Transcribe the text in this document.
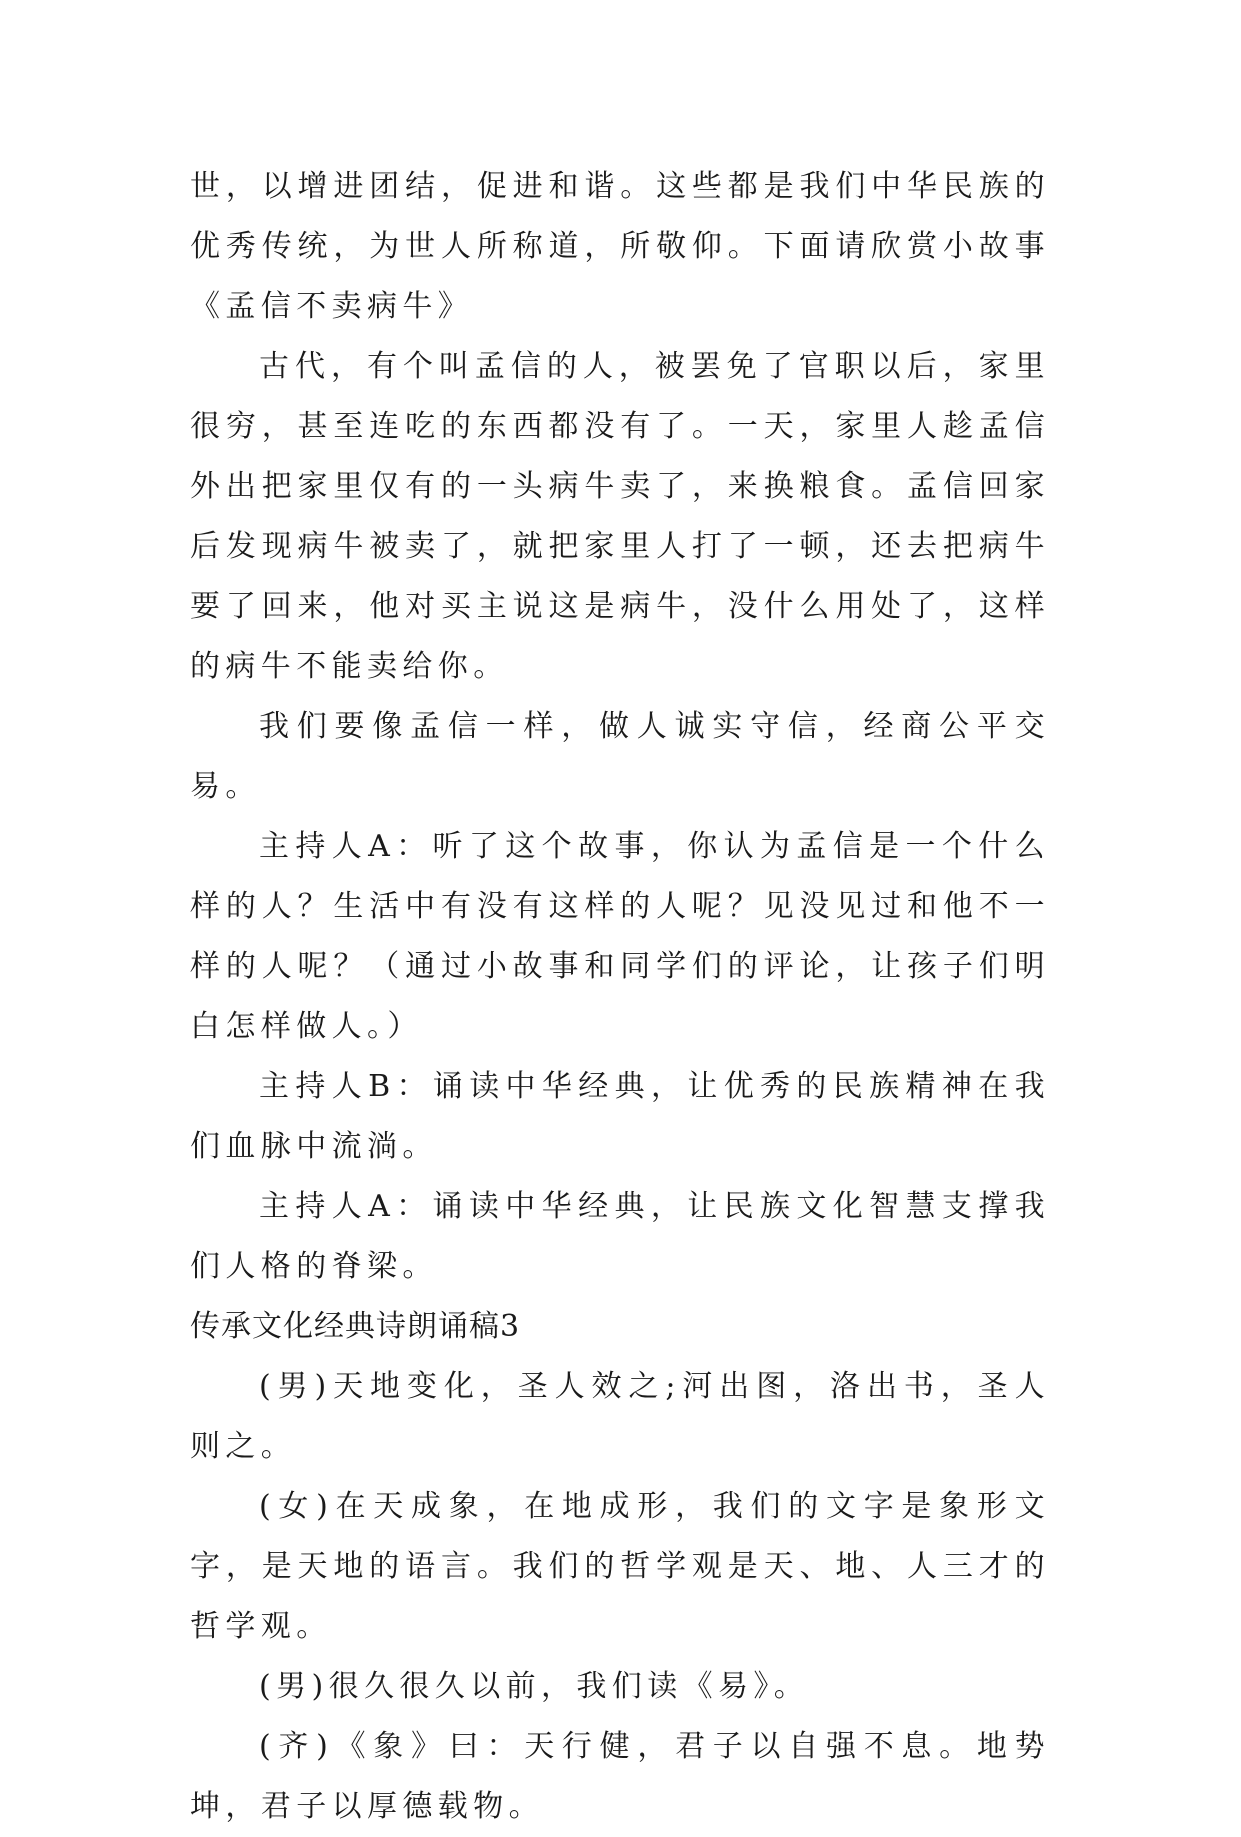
世，以增进团结，促进和谐。这些都是我们中华民族的优秀传统，为世人所称道，所敬仰。下面请欣赏小故事《孟信不卖病牛》

古代，有个叫孟信的人，被罢免了官职以后，家里很穷，甚至连吃的东西都没有了。一天，家里人趁孟信外出把家里仅有的一头病牛卖了，来换粮食。孟信回家后发现病牛被卖了，就把家里人打了一顿，还去把病牛要了回来，他对买主说这是病牛，没什么用处了，这样的病牛不能卖给你。

我们要像孟信一样，做人诚实守信，经商公平交易。

主持人A：听了这个故事，你认为孟信是一个什么样的人？生活中有没有这样的人呢？见没见过和他不一样的人呢？（通过小故事和同学们的评论，让孩子们明白怎样做人。）

主持人B：诵读中华经典，让优秀的民族精神在我们血脉中流淌。

主持人A：诵读中华经典，让民族文化智慧支撑我们人格的脊梁。

传承文化经典诗朗诵稿3

(男)天地变化，圣人效之;河出图，洛出书，圣人则之。

(女)在天成象，在地成形，我们的文字是象形文字，是天地的语言。我们的哲学观是天、地、人三才的哲学观。

(男)很久很久以前，我们读《易》。

(齐)《象》曰：天行健，君子以自强不息。地势坤，君子以厚德载物。
